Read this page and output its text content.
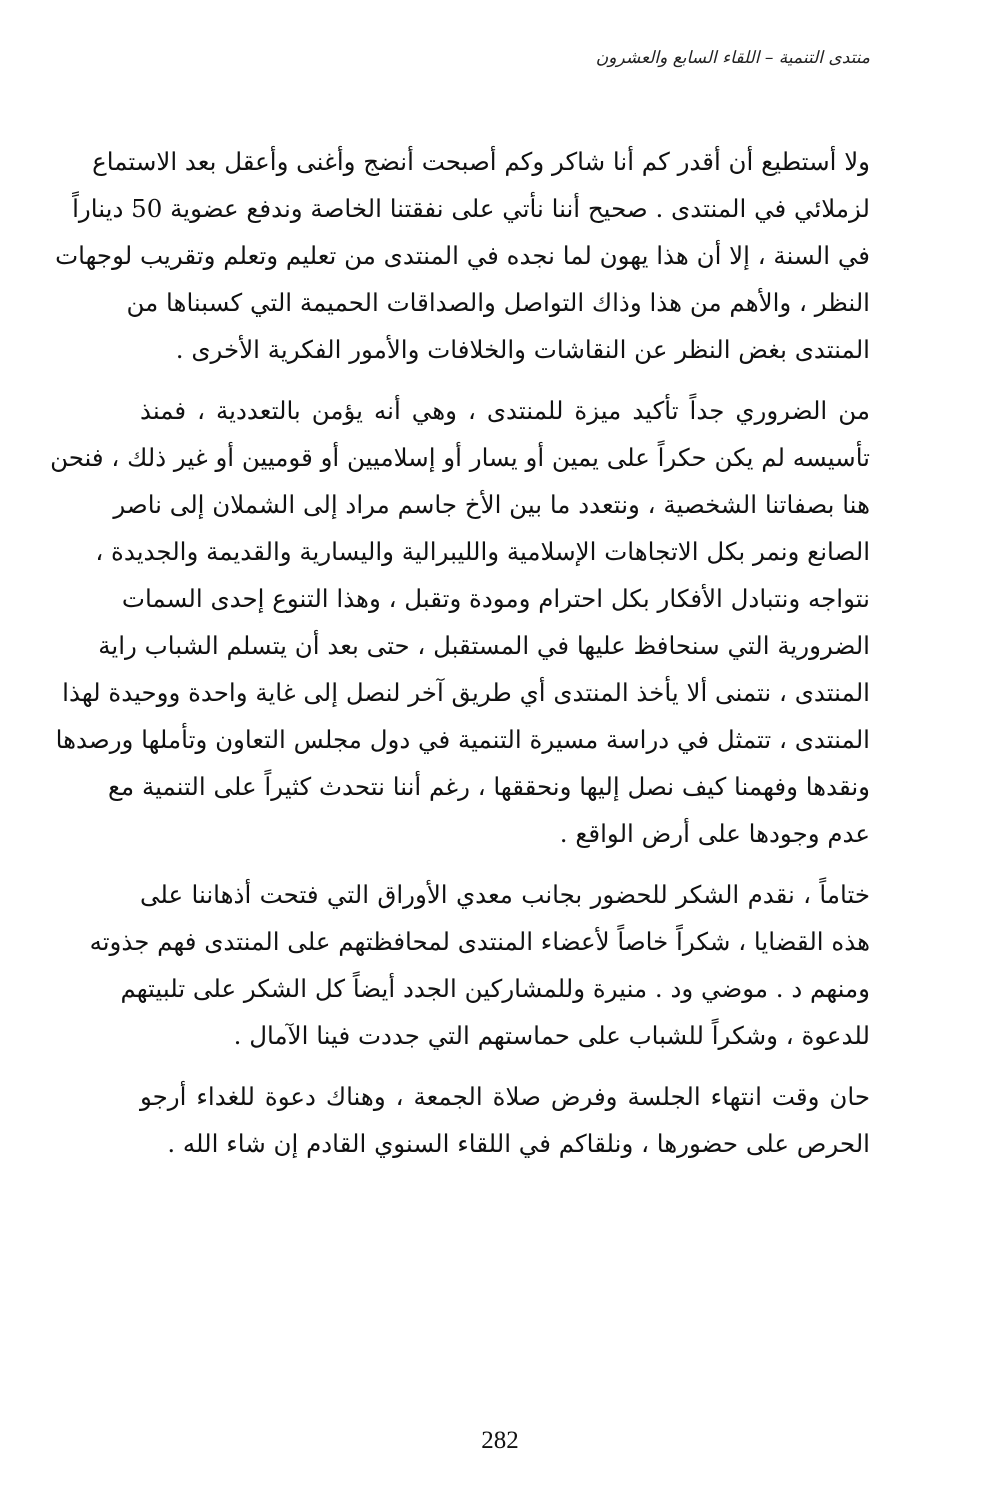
منتدى التنمية – اللقاء السابع والعشرون
ولا أستطيع أن أقدر كم أنا شاكر وكم أصبحت أنضج وأغنى وأعقل بعد الاستماع
لزملائي في المنتدى . صحيح أننا نأتي على نفقتنا الخاصة وندفع عضوية 50 ديناراً
في السنة ، إلا أن هذا يهون لما نجده في المنتدى من تعليم وتعلم وتقريب لوجهات
النظر ، والأهم من هذا وذاك التواصل والصداقات الحميمة التي كسبناها من
المنتدى بغض النظر عن النقاشات والخلافات والأمور الفكرية الأخرى .
من الضروري جداً تأكيد ميزة للمنتدى ، وهي أنه يؤمن بالتعددية ، فمنذ
تأسيسه لم يكن حكراً على يمين أو يسار أو إسلاميين أو قوميين أو غير ذلك ، فنحن
هنا بصفاتنا الشخصية ، ونتعدد ما بين الأخ جاسم مراد إلى الشملان إلى ناصر
الصانع ونمر بكل الاتجاهات الإسلامية والليبرالية واليسارية والقديمة والجديدة ،
نتواجه ونتبادل الأفكار بكل احترام ومودة وتقبل ، وهذا التنوع إحدى السمات
الضرورية التي سنحافظ عليها في المستقبل ، حتى بعد أن يتسلم الشباب راية
المنتدى ، نتمنى ألا يأخذ المنتدى أي طريق آخر لنصل إلى غاية واحدة ووحيدة لهذا
المنتدى ، تتمثل في دراسة مسيرة التنمية في دول مجلس التعاون وتأملها ورصدها
ونقدها وفهمنا كيف نصل إليها ونحققها ، رغم أننا نتحدث كثيراً على التنمية مع
عدم وجودها على أرض الواقع .
ختاماً ، نقدم الشكر للحضور بجانب معدي الأوراق التي فتحت أذهاننا على
هذه القضايا ، شكراً خاصاً لأعضاء المنتدى لمحافظتهم على المنتدى فهم جذوته
ومنهم د . موضي ود . منيرة وللمشاركين الجدد أيضاً كل الشكر على تلبيتهم
للدعوة ، وشكراً للشباب على حماستهم التي جددت فينا الآمال .
حان وقت انتهاء الجلسة وفرض صلاة الجمعة ، وهناك دعوة للغداء أرجو
الحرص على حضورها ، ونلقاكم في اللقاء السنوي القادم إن شاء الله .
282
